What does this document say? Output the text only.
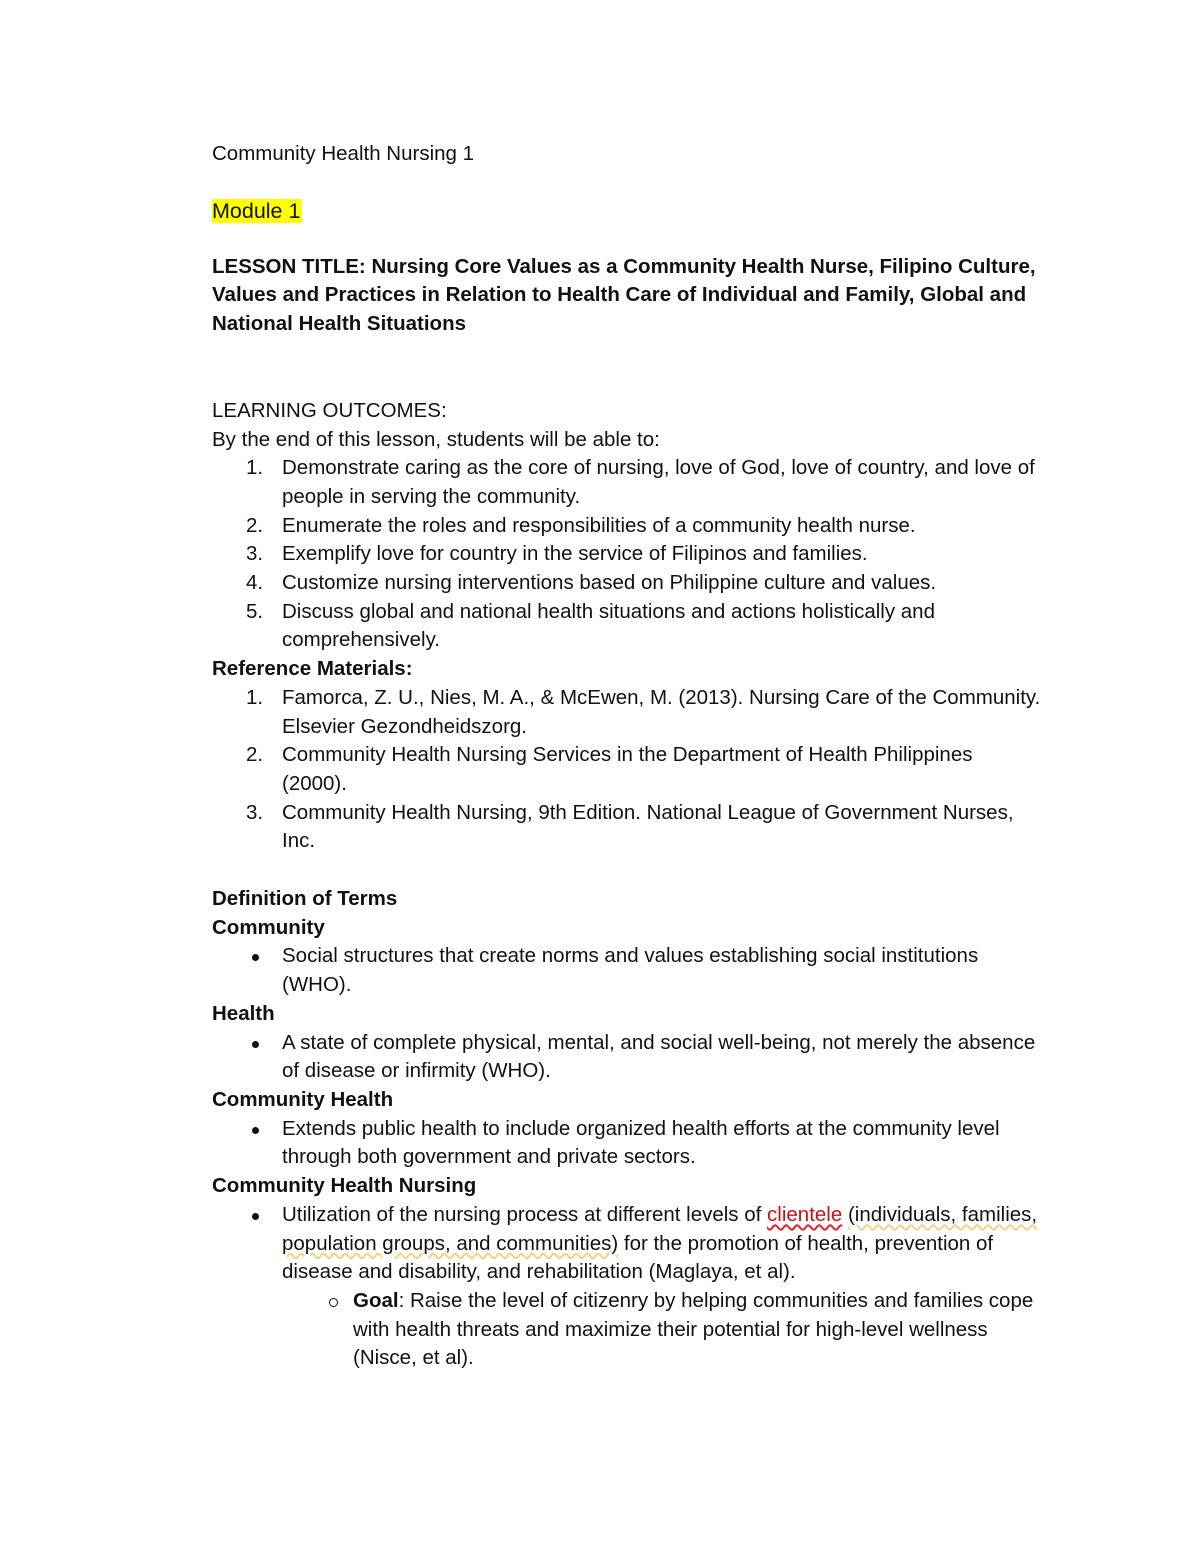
Community Health Nursing 1
Module 1
LESSON TITLE: Nursing Core Values as a Community Health Nurse, Filipino Culture, Values and Practices in Relation to Health Care of Individual and Family, Global and National Health Situations
LEARNING OUTCOMES:
By the end of this lesson, students will be able to:
1. Demonstrate caring as the core of nursing, love of God, love of country, and love of people in serving the community.
2. Enumerate the roles and responsibilities of a community health nurse.
3. Exemplify love for country in the service of Filipinos and families.
4. Customize nursing interventions based on Philippine culture and values.
5. Discuss global and national health situations and actions holistically and comprehensively.
Reference Materials:
1. Famorca, Z. U., Nies, M. A., & McEwen, M. (2013). Nursing Care of the Community. Elsevier Gezondheidszorg.
2. Community Health Nursing Services in the Department of Health Philippines (2000).
3. Community Health Nursing, 9th Edition. National League of Government Nurses, Inc.
Definition of Terms
Community
Social structures that create norms and values establishing social institutions (WHO).
Health
A state of complete physical, mental, and social well-being, not merely the absence of disease or infirmity (WHO).
Community Health
Extends public health to include organized health efforts at the community level through both government and private sectors.
Community Health Nursing
Utilization of the nursing process at different levels of clientele (individuals, families, population groups, and communities) for the promotion of health, prevention of disease and disability, and rehabilitation (Maglaya, et al).
Goal: Raise the level of citizenry by helping communities and families cope with health threats and maximize their potential for high-level wellness (Nisce, et al).
